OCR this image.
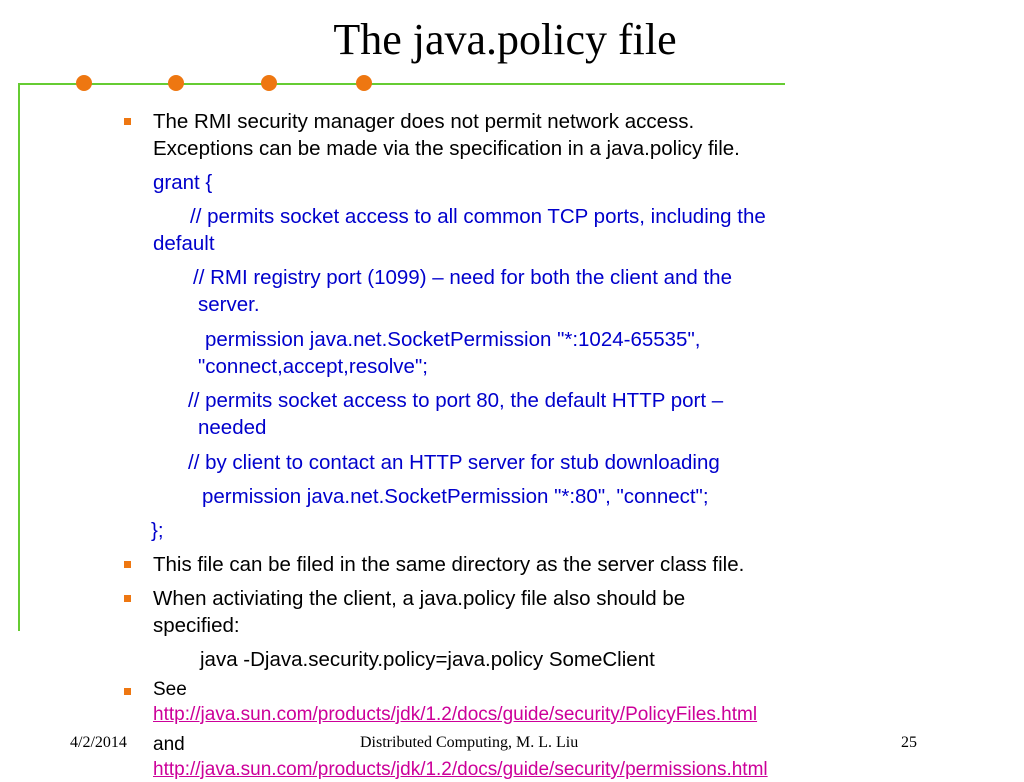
The java.policy file
The RMI security manager does not permit network access.
Exceptions can be made via the specification in a java.policy file.
grant {
// permits socket access to all common TCP ports, including the
default
// RMI registry port (1099) – need for both the client and the
server.
permission java.net.SocketPermission "*:1024-65535",
"connect,accept,resolve";
// permits socket access to port 80, the default HTTP port –
needed
// by client to contact an HTTP server for stub downloading
permission java.net.SocketPermission "*:80", "connect";
};
This file can be filed in the same directory as the server class file.
When activiating the client, a java.policy file also should be
specified:
java -Djava.security.policy=java.policy SomeClient
See
http://java.sun.com/products/jdk/1.2/docs/guide/security/PolicyFiles.html
and
http://java.sun.com/products/jdk/1.2/docs/guide/security/permissions.html
4/2/2014	Distributed Computing, M. L. Liu	25
